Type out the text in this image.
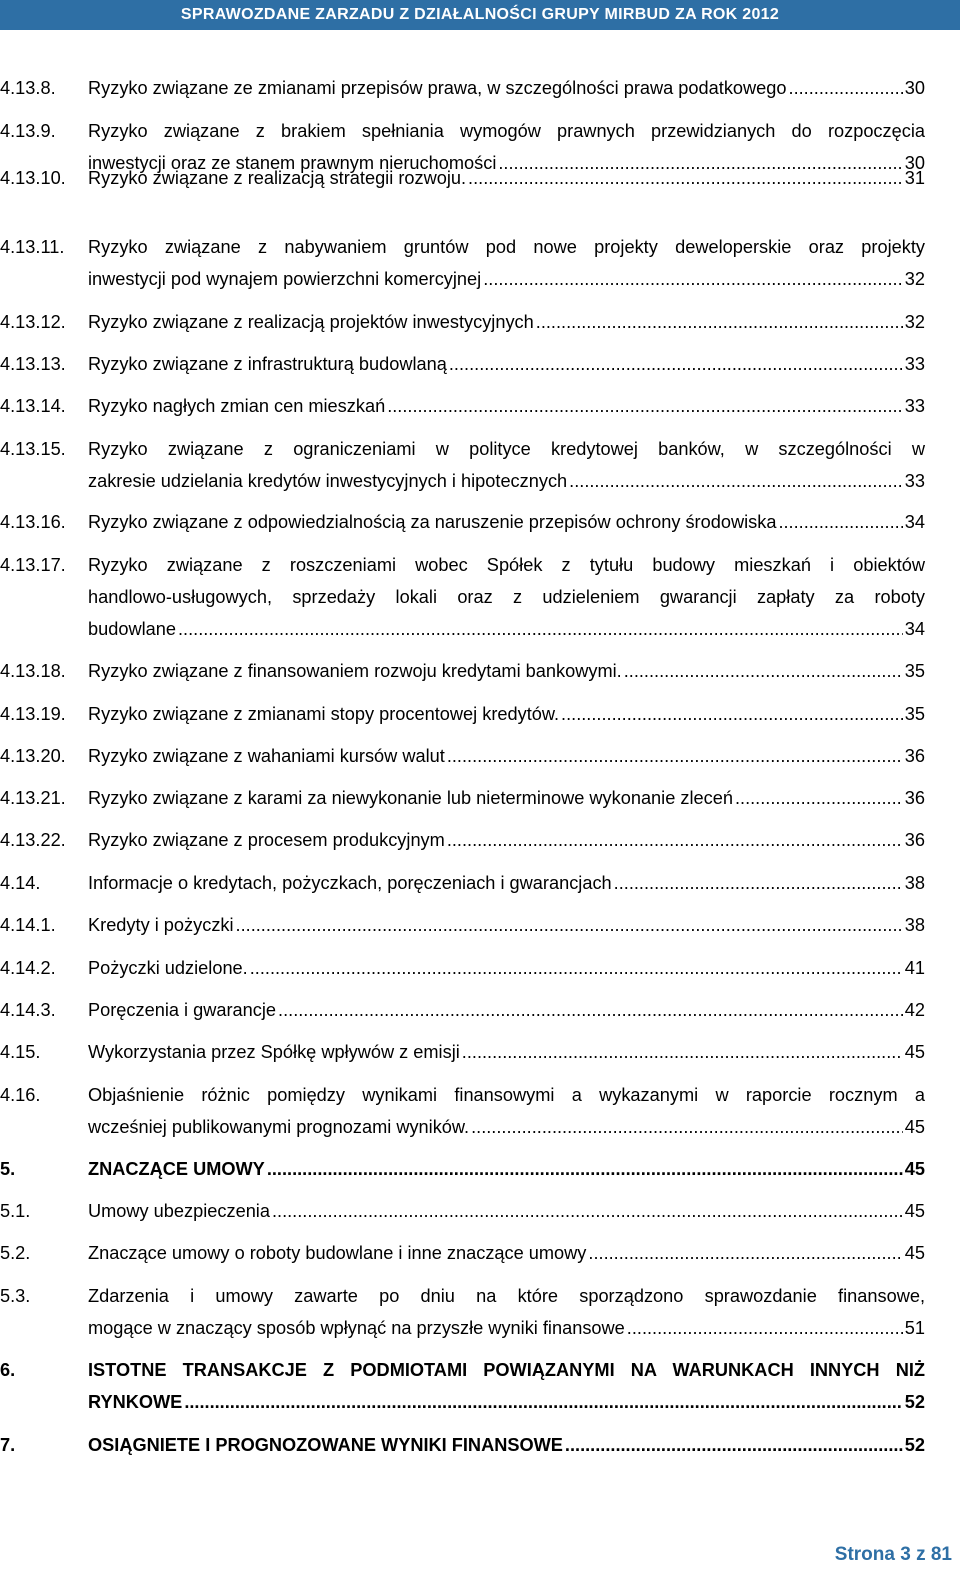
SPRAWOZDANE ZARZADU Z DZIAŁALNOŚCI GRUPY MIRBUD ZA ROK 2012
4.13.8. Ryzyko związane ze zmianami przepisów prawa, w szczególności prawa podatkowego .....	30
4.13.9. Ryzyko związane z brakiem spełniania wymogów prawnych przewidzianych do rozpoczęcia
inwestycji oraz ze stanem prawnym nieruchomości .....	30
4.13.10. Ryzyko związane z realizacją strategii rozwoju. .....	31
4.13.11. Ryzyko związane z nabywaniem gruntów pod nowe projekty deweloperskie oraz projekty
inwestycji pod wynajem powierzchni komercyjnej .....	32
4.13.12. Ryzyko związane z realizacją projektów inwestycyjnych .....	32
4.13.13. Ryzyko związane z infrastrukturą budowlaną .....	33
4.13.14. Ryzyko nagłych zmian cen mieszkań .....	33
4.13.15. Ryzyko związane z ograniczeniami w polityce kredytowej banków, w szczególności w
zakresie udzielania kredytów inwestycyjnych i hipotecznych .....	33
4.13.16. Ryzyko związane z odpowiedzialnością za naruszenie przepisów ochrony środowiska .....	34
4.13.17. Ryzyko związane z roszczeniami wobec Spółek z tytułu budowy mieszkań i obiektów
handlowo-usługowych, sprzedaży lokali oraz z udzieleniem gwarancji zapłaty za roboty
budowlane .....	34
4.13.18. Ryzyko związane z finansowaniem rozwoju kredytami bankowymi. .....	35
4.13.19. Ryzyko związane z zmianami stopy procentowej kredytów. .....	35
4.13.20. Ryzyko związane z wahaniami kursów walut .....	36
4.13.21. Ryzyko związane z karami za niewykonanie lub nieterminowe wykonanie zleceń .....	36
4.13.22. Ryzyko związane z procesem produkcyjnym .....	36
4.14.	Informacje o kredytach, pożyczkach, poręczeniach i gwarancjach .....	38
4.14.1. Kredyty i pożyczki .....	38
4.14.2. Pożyczki udzielone. .....	41
4.14.3. Poręczenia i gwarancje .....	42
4.15.	Wykorzystania przez Spółkę wpływów z emisji .....	45
4.16.	Objaśnienie różnic pomiędzy wynikami finansowymi a wykazanymi w raporcie rocznym a
wcześniej publikowanymi prognozami wyników. .....	45
5.	ZNACZĄCE UMOWY .....	45
5.1.	Umowy ubezpieczenia .....	45
5.2.	Znaczące umowy o roboty budowlane i inne znaczące umowy .....	45
5.3.	Zdarzenia i umowy zawarte po dniu na które sporządzono sprawozdanie finansowe,
mogące w znaczący sposób wpłynąć na przyszłe wyniki finansowe .....	51
6.	ISTOTNE TRANSAKCJE Z PODMIOTAMI POWIĄZANYMI NA WARUNKACH INNYCH NIŻ
RYNKOWE .....	52
7.	OSIĄGNIETE I PROGNOZOWANE WYNIKI FINANSOWE .....	52
Strona 3 z 81
